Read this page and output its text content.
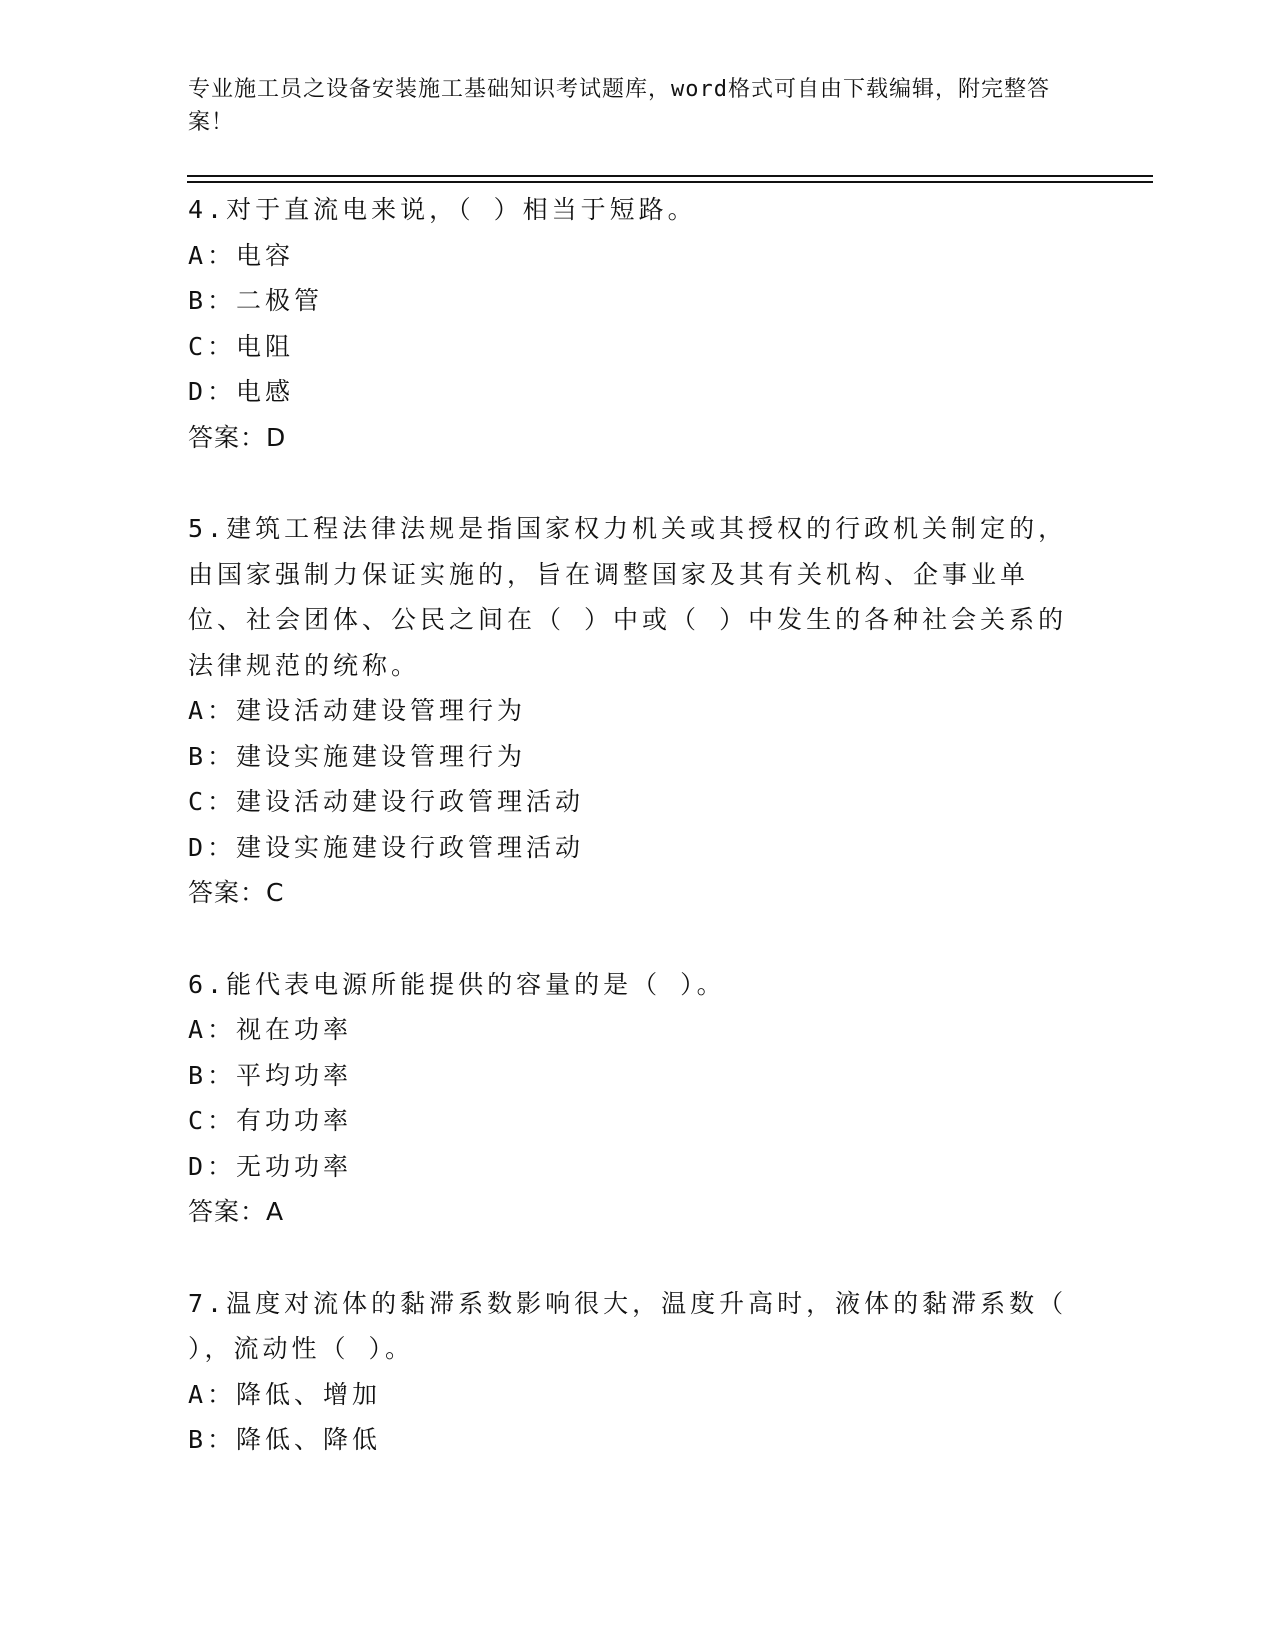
专业施工员之设备安装施工基础知识考试题库，word格式可自由下载编辑，附完整答案！

4.对于直流电来说，（ ）相当于短路。

A：电容

B：二极管

C：电阻

D：电感

答案：D

5.建筑工程法律法规是指国家权力机关或其授权的行政机关制定的，由国家强制力保证实施的，旨在调整国家及其有关机构、企事业单位、社会团体、公民之间在（ ）中或（ ）中发生的各种社会关系的法律规范的统称。

A：建设活动建设管理行为

B：建设实施建设管理行为

C：建设活动建设行政管理活动

D：建设实施建设行政管理活动

答案：C

6.能代表电源所能提供的容量的是（ ）。

A：视在功率

B：平均功率

C：有功功率

D：无功功率

答案：A

7.温度对流体的黏滞系数影响很大，温度升高时，液体的黏滞系数（ ），流动性（ ）。

A：降低、增加

B：降低、降低
